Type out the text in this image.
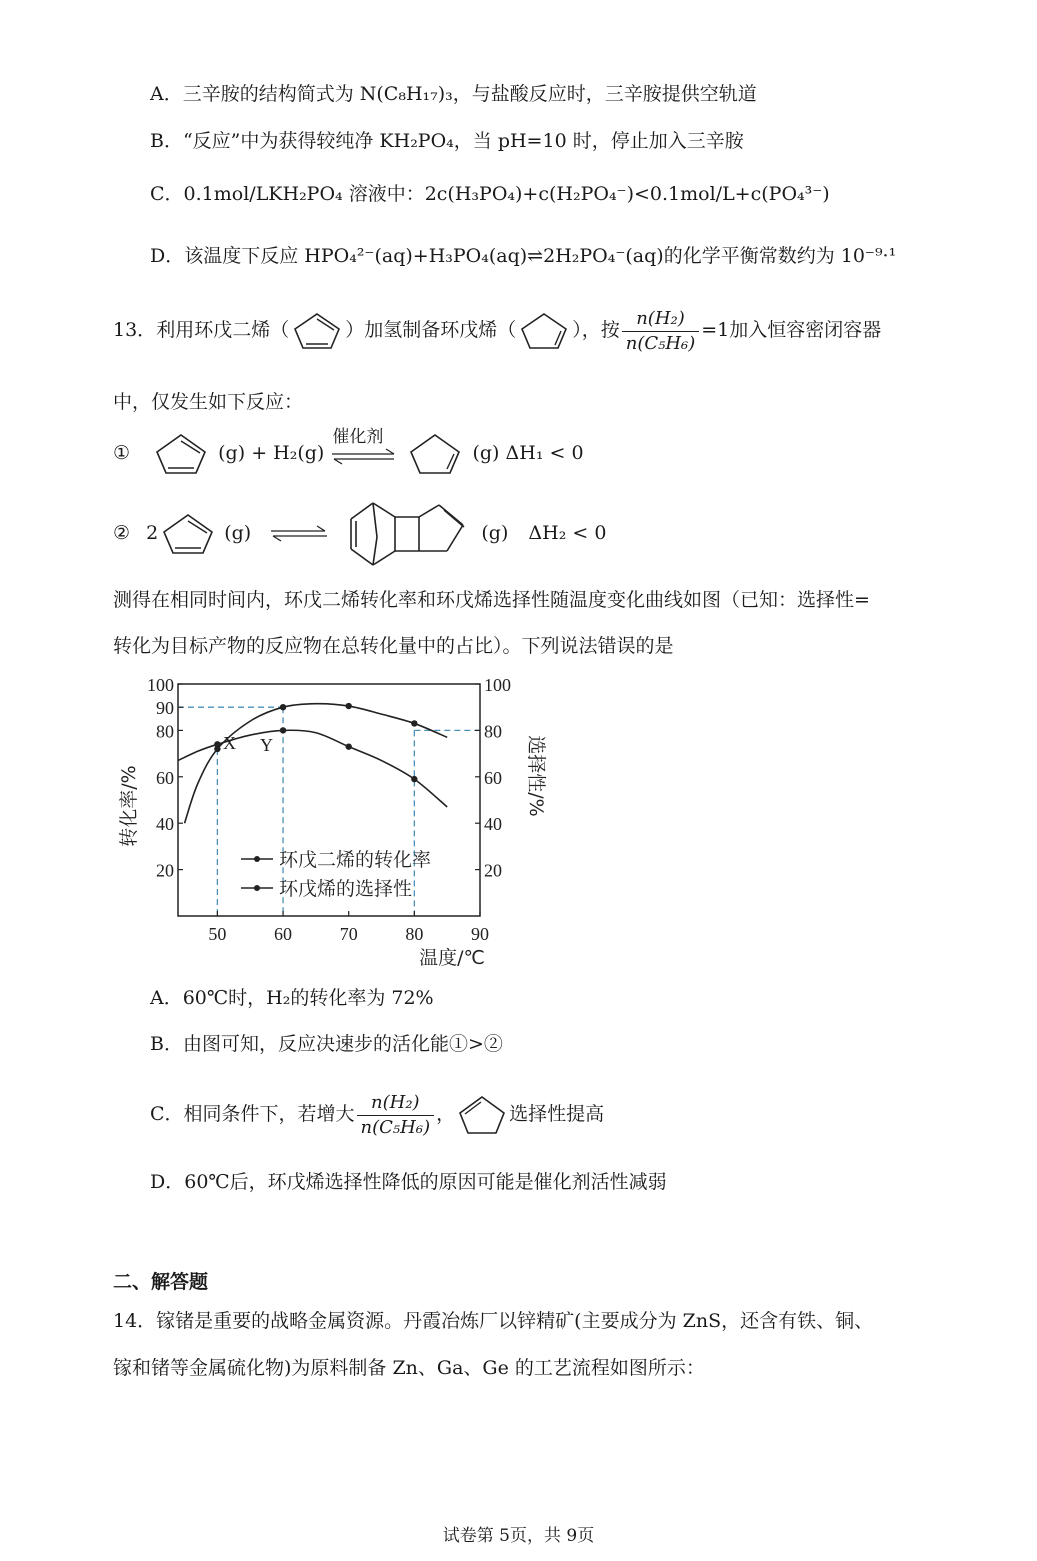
A．三辛胺的结构简式为 N(C₈H₁₇)₃，与盐酸反应时，三辛胺提供空轨道
B．“反应”中为获得较纯净 KH₂PO₄，当 pH=10 时，停止加入三辛胺
C．0.1mol/LKH₂PO₄ 溶液中：2c(H₃PO₄)+c(H₂PO₄⁻)<0.1mol/L+c(PO₄³⁻)
D．该温度下反应 HPO₄²⁻(aq)+H₃PO₄(aq)⇌2H₂PO₄⁻(aq)的化学平衡常数约为 10⁻⁹·¹
13．利用环戊二烯（	）加氢制备环戊烯（	），按 $\frac{\text{n(H₂)}}{\text{n(C₅H₆)}} =1$加入恒容密闭容器
中，仅发生如下反应：
①	(g) + H₂(g)
催化剂
(g) ΔH₁ < 0
② 2	(g)	(g) ΔH₂ < 0
测得在相同时间内，环戊二烯转化率和环戊烯选择性随温度变化曲线如图（已知：选择性=
转化为目标产物的反应物在总转化量中的占比）。下列说法错误的是
50	60	70	80	90
20
40
60
80
90
100
20
40
60
80
100
X Y
转化率/%	选择性/%
温度/℃
环戊二烯的转化率
环戊烯的选择性
A．60℃时，H₂的转化率为 72%
B．由图可知，反应决速步的活化能①>②
C．相同条件下，若增大 $\frac{\text{n(H₂)}}{\text{n(C₅H₆)}}$ ，	选择性提高
D．60℃后，环戊烯选择性降低的原因可能是催化剂活性减弱
二、解答题
14．镓锗是重要的战略金属资源。丹霞冶炼厂以锌精矿(主要成分为 ZnS，还含有铁、铜、
镓和锗等金属硫化物)为原料制备 Zn、Ga、Ge 的工艺流程如图所示：
试卷第 5页，共 9页
